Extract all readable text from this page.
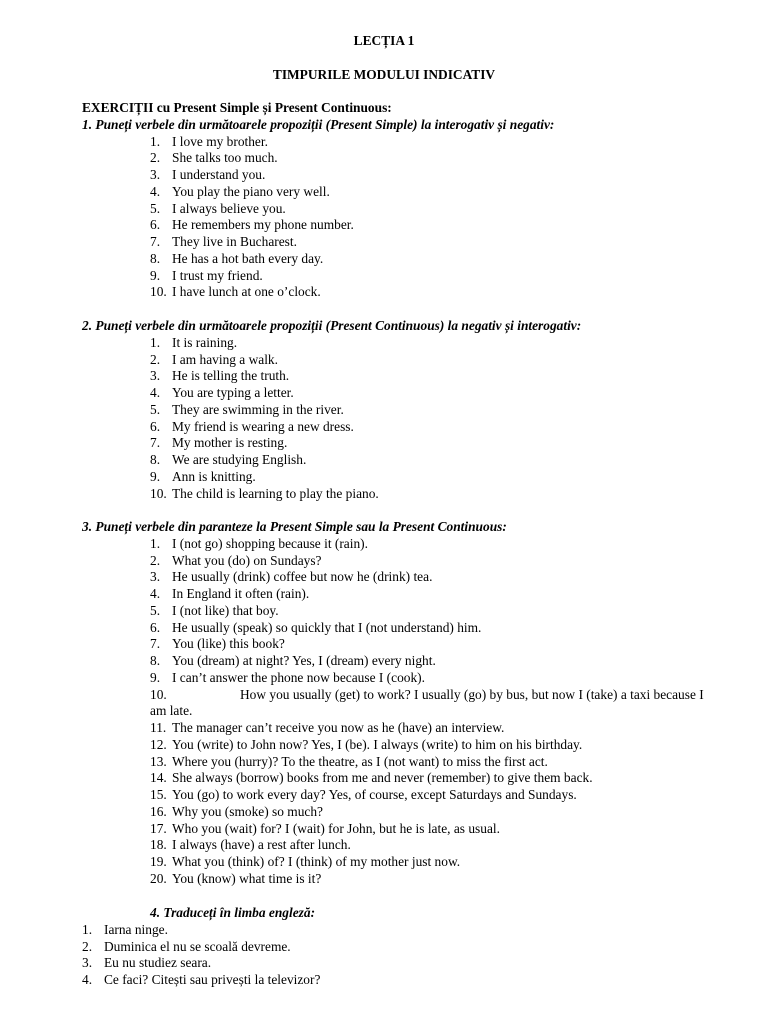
LECȚIA 1
TIMPURILE MODULUI INDICATIV
EXERCIȚII cu Present Simple și Present Continuous:
1. Puneți verbele din următoarele propoziții (Present Simple) la interogativ și negativ:
1. I love my brother.
2. She talks too much.
3. I understand you.
4. You play the piano very well.
5. I always believe you.
6. He remembers my phone number.
7. They live in Bucharest.
8. He has a hot bath every day.
9. I trust my friend.
10. I have lunch at one o’clock.
2. Puneți verbele din următoarele propoziții (Present Continuous) la negativ și interogativ:
1. It is raining.
2. I am having a walk.
3. He is telling the truth.
4. You are typing a letter.
5. They are swimming in the river.
6. My friend is wearing a new dress.
7. My mother is resting.
8. We are studying English.
9. Ann is knitting.
10. The child is learning to play the piano.
3. Puneți verbele din paranteze la Present Simple sau la Present Continuous:
1. I (not go) shopping because it (rain).
2. What you (do) on Sundays?
3. He usually (drink) coffee but now he (drink) tea.
4. In England it often (rain).
5. I (not like) that boy.
6. He usually (speak) so quickly that I (not understand) him.
7. You (like) this book?
8. You (dream) at night? Yes, I (dream) every night.
9. I can’t answer the phone now because I (cook).
10.	How you usually (get) to work? I usually (go) by bus, but now I (take) a taxi because I am late.
11. The manager can’t receive you now as he (have) an interview.
12. You (write) to John now? Yes, I (be). I always (write) to him on his birthday.
13. Where you (hurry)? To the theatre, as I (not want) to miss the first act.
14. She always (borrow) books from me and never (remember) to give them back.
15. You (go) to work every day? Yes, of course, except Saturdays and Sundays.
16. Why you (smoke) so much?
17. Who you (wait) for? I (wait) for John, but he is late, as usual.
18. I always (have) a rest after lunch.
19. What you (think) of? I (think) of my mother just now.
20. You (know) what time is it?
4. Traduceți în limba engleză:
1. Iarna ninge.
2. Duminica el nu se scoală devreme.
3. Eu nu studiez seara.
4. Ce faci? Citești sau privești la televizor?
